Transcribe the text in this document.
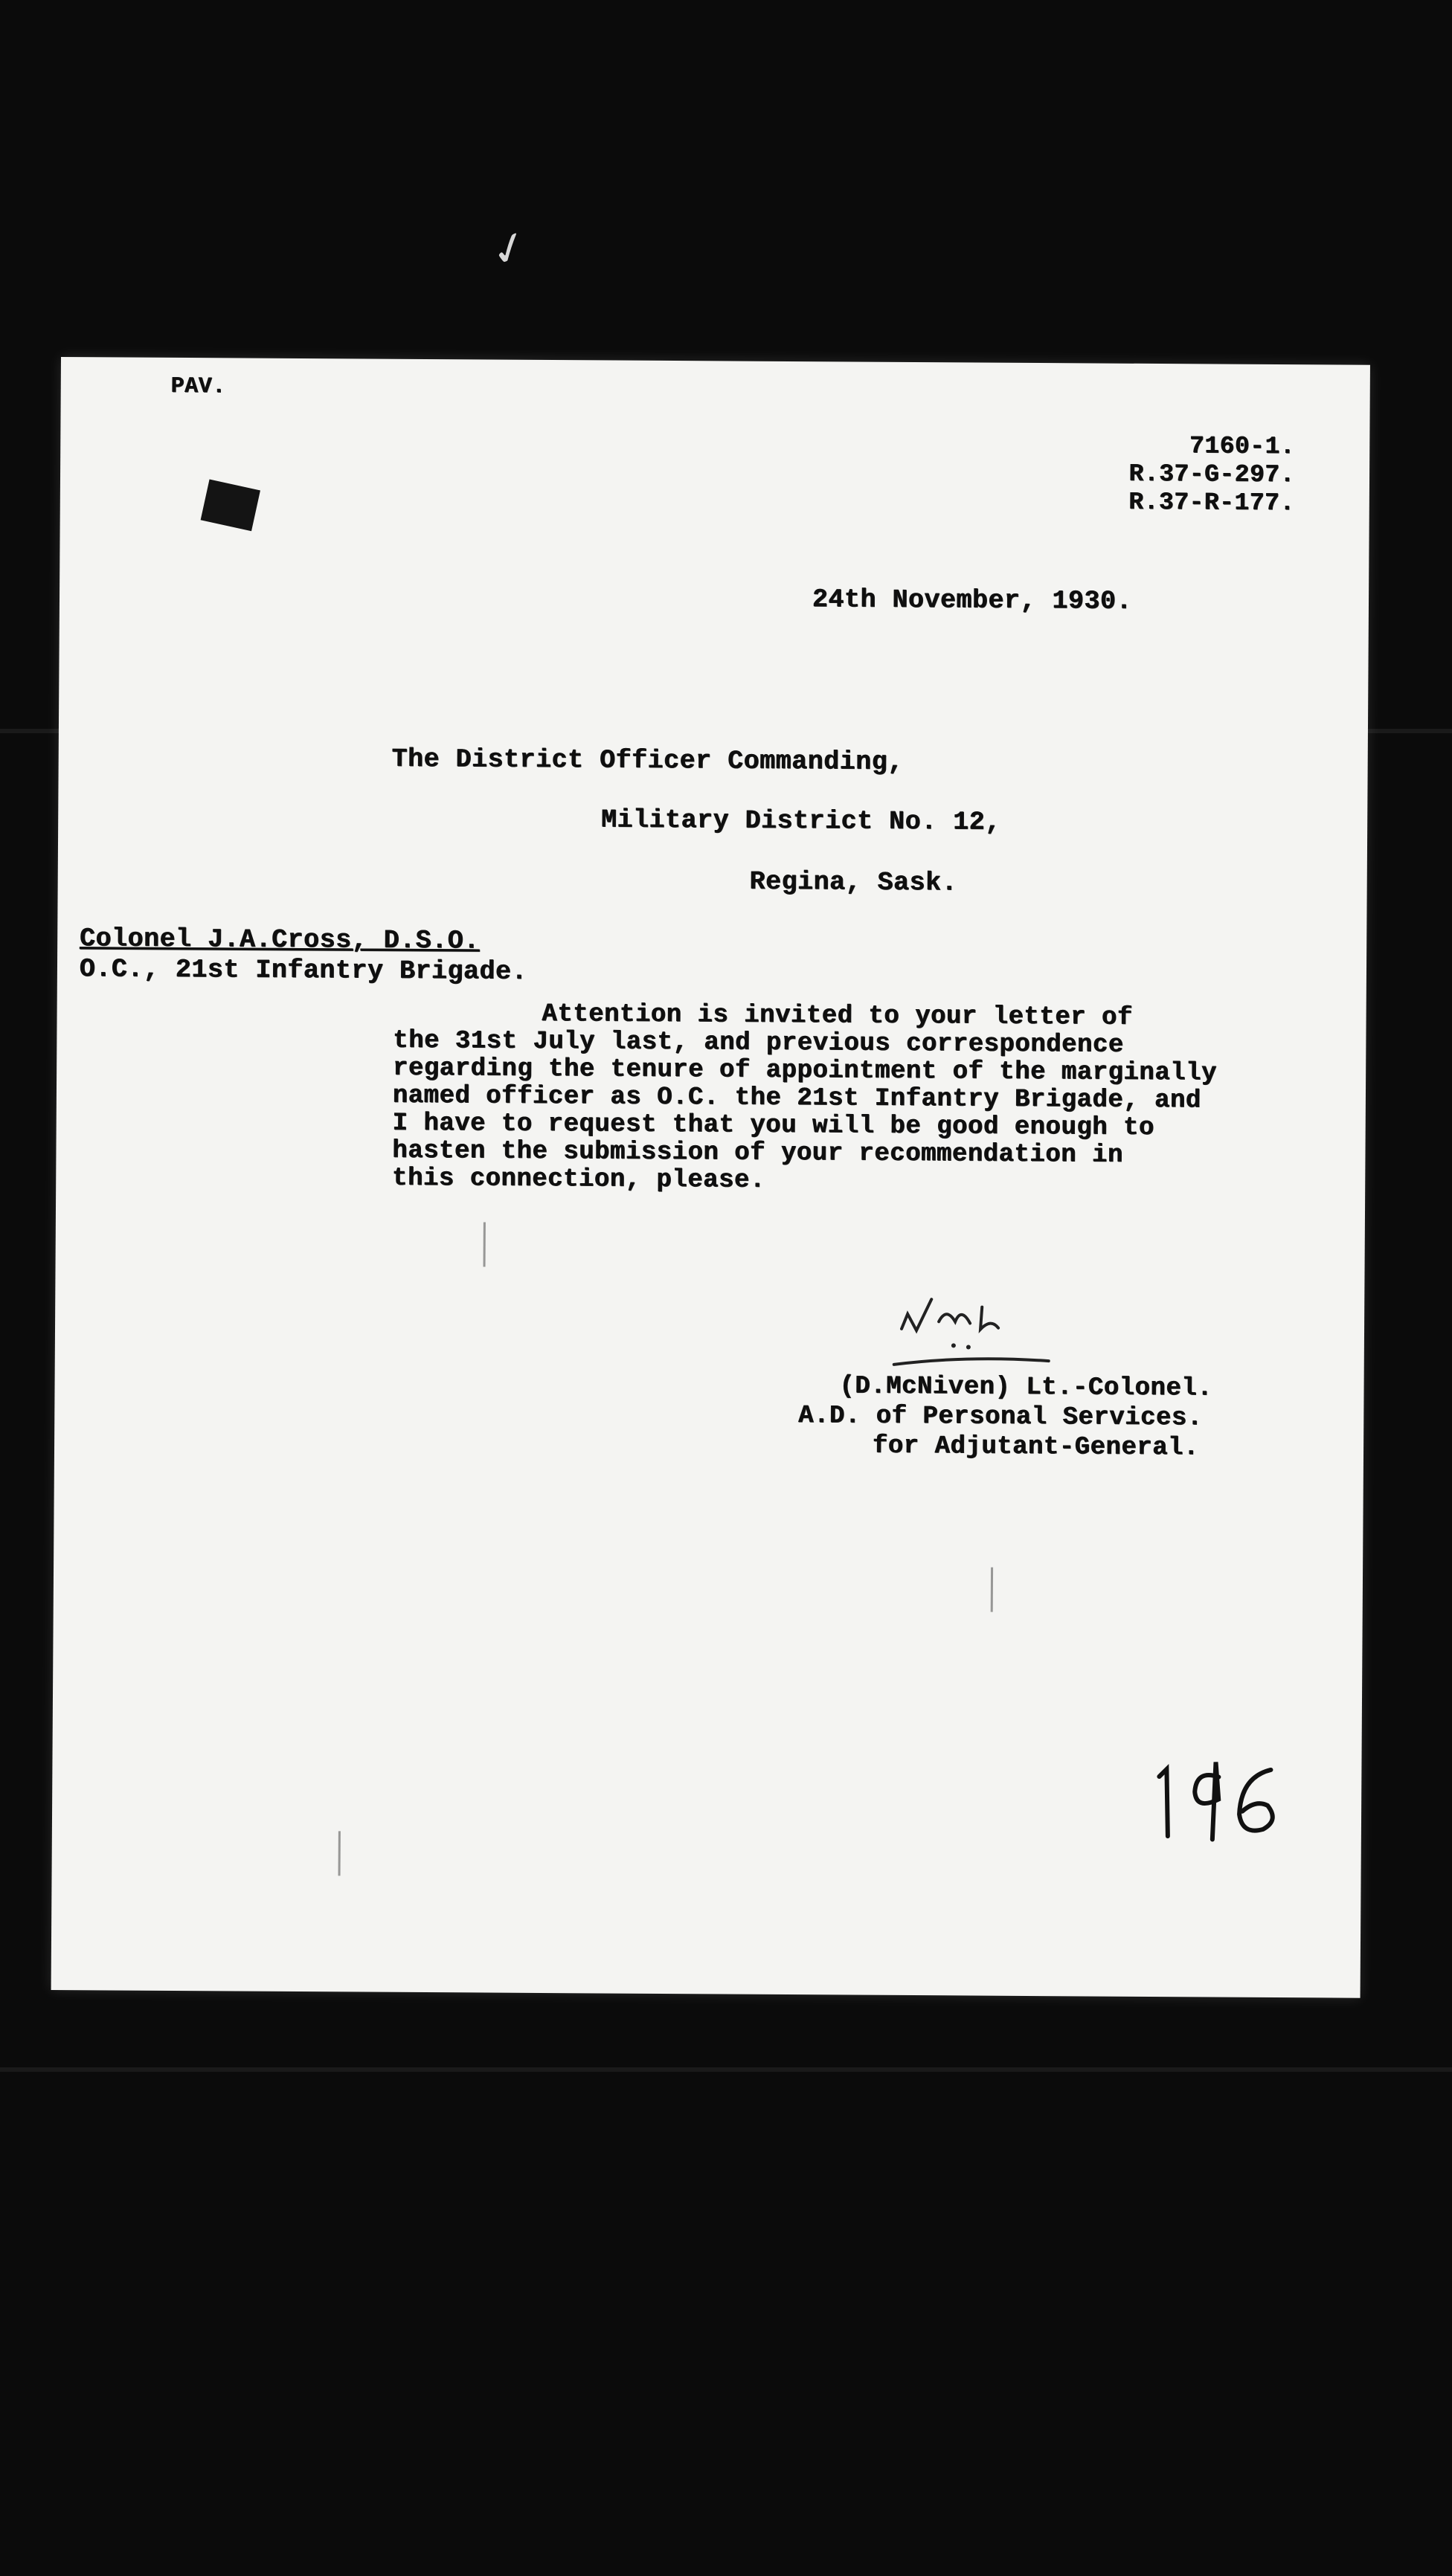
✓
PAV.
7160-1.
R.37-G-297.
R.37-R-177.
24th November, 1930.
The District Officer Commanding,
Military District No. 12,
Regina, Sask.
Colonel J.A.Cross, D.S.O.
O.C., 21st Infantry Brigade.
Attention is invited to your letter of
the 31st July last, and previous correspondence
regarding the tenure of appointment of the marginally
named officer as O.C. the 21st Infantry Brigade, and
I have to request that you will be good enough to
hasten the submission of your recommendation in
this connection, please.
(D.McNiven) Lt.-Colonel.
A.D. of Personal Services.
for Adjutant-General.
